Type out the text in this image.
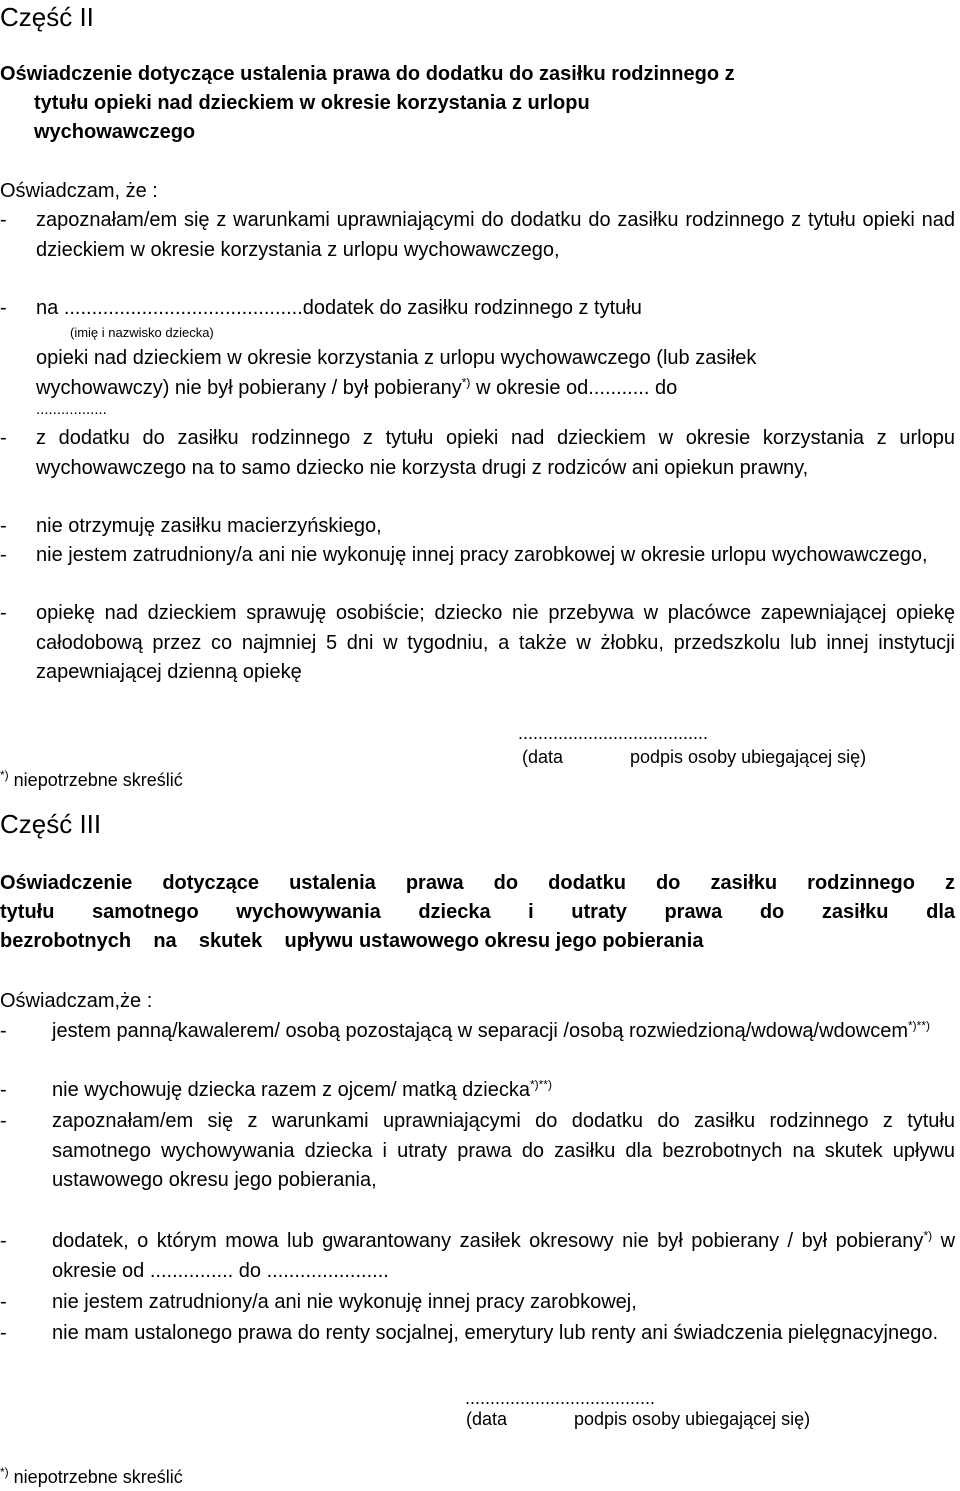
Część II
Oświadczenie dotyczące ustalenia prawa do dodatku do zasiłku rodzinnego z
tytułu opieki nad dzieckiem w okresie korzystania z urlopu
wychowawczego
Oświadczam, że :
- zapoznałam/em się z warunkami uprawniającymi do dodatku do zasiłku rodzinnego z tytułu opieki nad dzieckiem w okresie korzystania z urlopu wychowawczego,
- na ...........................................dodatek do zasiłku rodzinnego z tytułu
(imię i nazwisko dziecka)
opieki nad dzieckiem w okresie korzystania z urlopu wychowawczego (lub zasiłek
wychowawczy) nie był pobierany / był pobierany*) w okresie od........... do
.................
- z dodatku do zasiłku rodzinnego z tytułu opieki nad dzieckiem w okresie korzystania z urlopu wychowawczego na to samo dziecko nie korzysta drugi z rodziców ani opiekun prawny,
- nie otrzymuję zasiłku macierzyńskiego,
- nie jestem zatrudniony/a ani nie wykonuję innej pracy zarobkowej w okresie urlopu wychowawczego,
- opiekę nad dzieckiem sprawuję osobiście; dziecko nie przebywa w placówce zapewniającej opiekę całodobową przez co najmniej 5 dni w tygodniu, a także w żłobku, przedszkolu lub innej instytucji zapewniającej dzienną opiekę
......................................
(data	podpis osoby ubiegającej się)
*) niepotrzebne skreślić
Część III
Oświadczenie dotyczące ustalenia prawa do dodatku do zasiłku rodzinnego z
tytułu samotnego wychowywania dziecka i utraty prawa do zasiłku dla
bezrobotnych    na    skutek    upływu ustawowego okresu jego pobierania
Oświadczam,że :
- jestem panną/kawalerem/ osobą pozostającą w separacji /osobą rozwiedzioną/wdową/wdowcem*)**)
- nie wychowuję dziecka razem z ojcem/ matką dziecka*)**)
- zapoznałam/em się z warunkami uprawniającymi do dodatku do zasiłku rodzinnego z tytułu samotnego wychowywania dziecka i utraty prawa do zasiłku dla bezrobotnych na skutek upływu ustawowego okresu jego pobierania,
- dodatek, o którym mowa lub gwarantowany zasiłek okresowy nie był pobierany / był pobierany*) w okresie od ............... do ......................
- nie jestem zatrudniony/a ani nie wykonuję innej pracy zarobkowej,
- nie mam ustalonego prawa do renty socjalnej, emerytury lub renty ani świadczenia pielęgnacyjnego.
......................................
(data	podpis osoby ubiegającej się)
*) niepotrzebne skreślić
